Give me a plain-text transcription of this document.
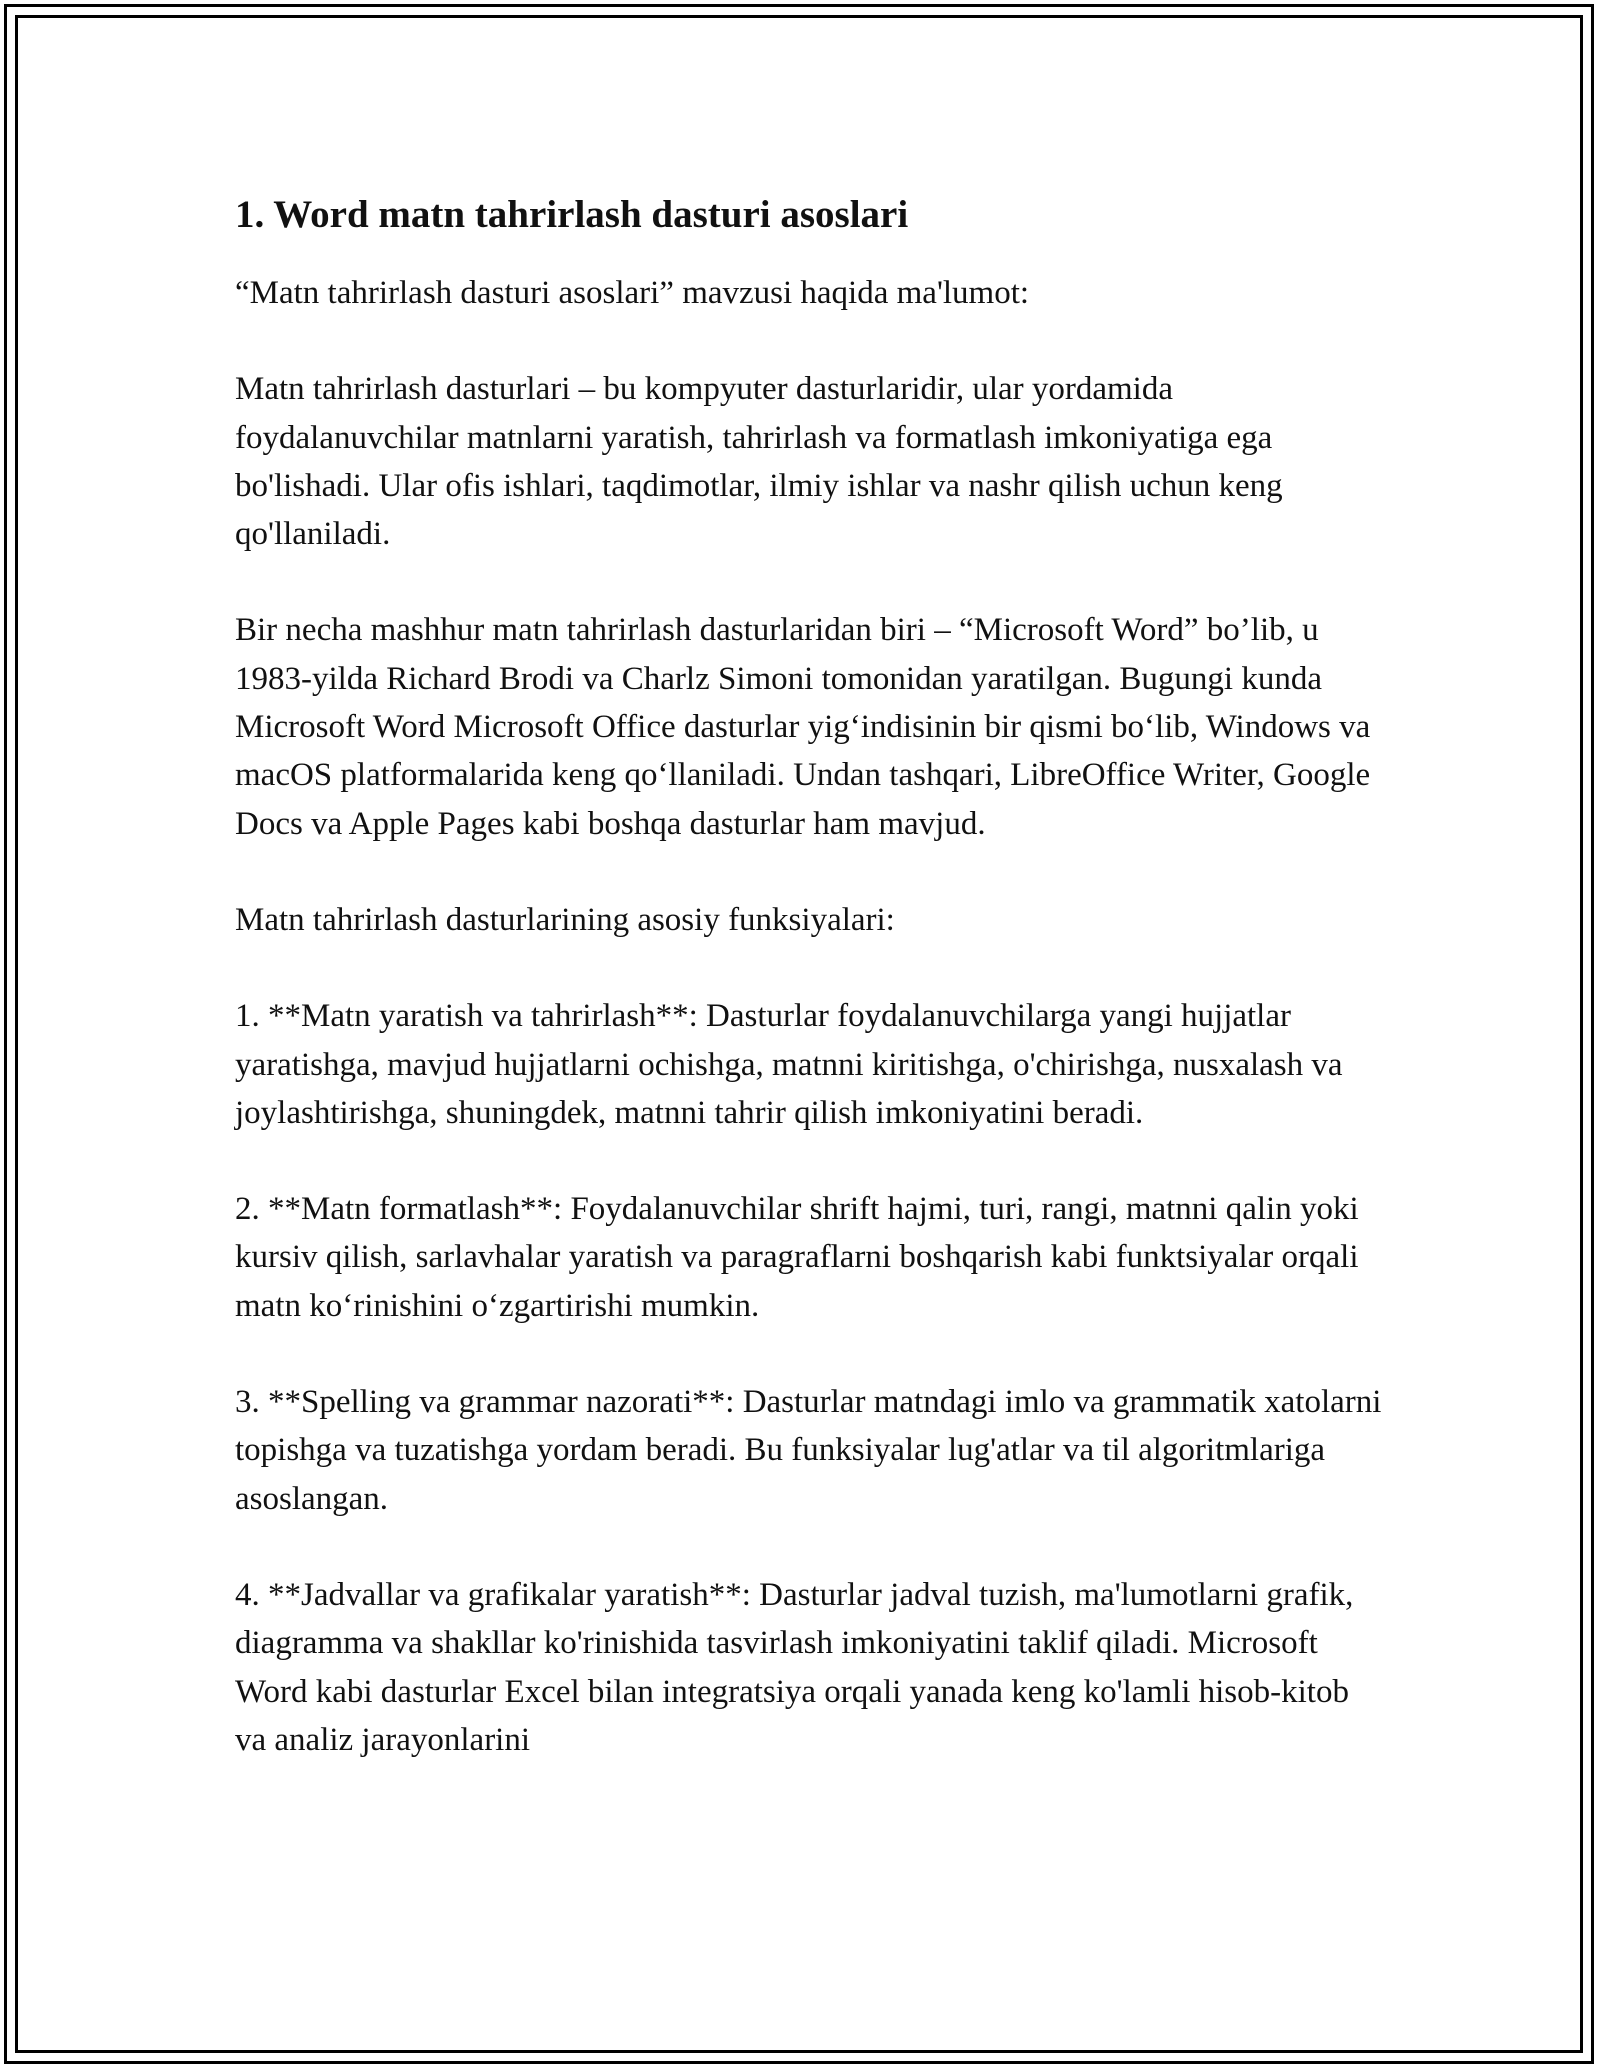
1. Word matn tahrirlash dasturi asoslari

“Matn tahrirlash dasturi asoslari” mavzusi haqida ma'lumot:

Matn tahrirlash dasturlari – bu kompyuter dasturlaridir, ular yordamida foydalanuvchilar matnlarni yaratish, tahrirlash va formatlash imkoniyatiga ega bo'lishadi. Ular ofis ishlari, taqdimotlar, ilmiy ishlar va nashr qilish uchun keng qo'llaniladi.

Bir necha mashhur matn tahrirlash dasturlaridan biri – “Microsoft Word” bo’lib, u 1983-yilda Richard Brodi va Charlz Simoni tomonidan yaratilgan. Bugungi kunda Microsoft Word Microsoft Office dasturlar yig‘indisinin bir qismi bo‘lib, Windows va macOS platformalarida keng qo‘llaniladi. Undan tashqari, LibreOffice Writer, Google Docs va Apple Pages kabi boshqa dasturlar ham mavjud.

Matn tahrirlash dasturlarining asosiy funksiyalari:

1. **Matn yaratish va tahrirlash**: Dasturlar foydalanuvchilarga yangi hujjatlar yaratishga, mavjud hujjatlarni ochishga, matnni kiritishga, o'chirishga, nusxalash va joylashtirishga, shuningdek, matnni tahrir qilish imkoniyatini beradi.

2. **Matn formatlash**: Foydalanuvchilar shrift hajmi, turi, rangi, matnni qalin yoki kursiv qilish, sarlavhalar yaratish va paragraflarni boshqarish kabi funktsiyalar orqali matn ko‘rinishini o‘zgartirishi mumkin.

3. **Spelling va grammar nazorati**: Dasturlar matndagi imlo va grammatik xatolarni topishga va tuzatishga yordam beradi. Bu funksiyalar lug'atlar va til algoritmlariga asoslangan.

4. **Jadvallar va grafikalar yaratish**: Dasturlar jadval tuzish, ma'lumotlarni grafik, diagramma va shakllar ko'rinishida tasvirlash imkoniyatini taklif qiladi. Microsoft Word kabi dasturlar Excel bilan integratsiya orqali yanada keng ko'lamli hisob-kitob va analiz jarayonlarini
